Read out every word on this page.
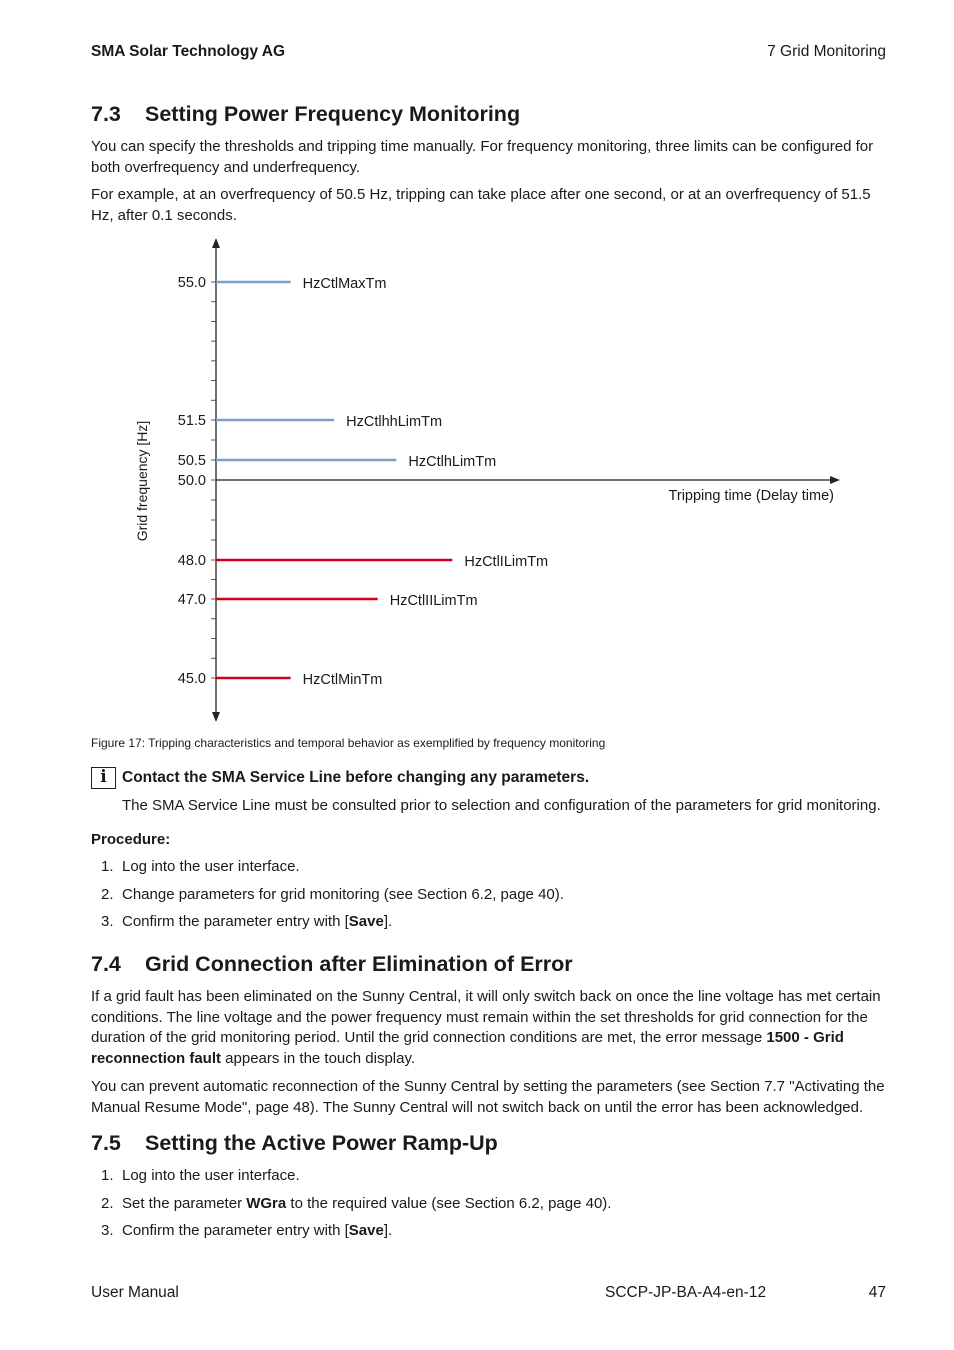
SMA Solar Technology AG	7 Grid Monitoring
7.3 Setting Power Frequency Monitoring

You can specify the thresholds and tripping time manually. For frequency monitoring, three limits can be configured for both overfrequency and underfrequency.

For example, at an overfrequency of 50.5 Hz, tripping can take place after one second, or at an overfrequency of 51.5 Hz, after 0.1 seconds.

55.0
51.5
50.5
50.0
48.0
47.0
45.0
HzCtlMaxTm
HzCtlhhLimTm
HzCtlhLimTm
HzCtlILimTm
HzCtlIILimTm
HzCtlMinTm
Grid frequency [Hz]	Tripping time (Delay time)
Figure 17: Tripping characteristics and temporal behavior as exemplified by frequency monitoring
i Contact the SMA Service Line before changing any parameters.
The SMA Service Line must be consulted prior to selection and configuration of the parameters for grid monitoring.
Procedure:
1. Log into the user interface.
2. Change parameters for grid monitoring (see Section 6.2, page 40).
3. Confirm the parameter entry with [Save].
7.4 Grid Connection after Elimination of Error

If a grid fault has been eliminated on the Sunny Central, it will only switch back on once the line voltage has met certain conditions. The line voltage and the power frequency must remain within the set thresholds for grid connection for the duration of the grid monitoring period. Until the grid connection conditions are met, the error message 1500 - Grid reconnection fault appears in the touch display.

You can prevent automatic reconnection of the Sunny Central by setting the parameters (see Section 7.7 "Activating the Manual Resume Mode", page 48). The Sunny Central will not switch back on until the error has been acknowledged.

7.5 Setting the Active Power Ramp-Up
1. Log into the user interface.
2. Set the parameter WGra to the required value (see Section 6.2, page 40).
3. Confirm the parameter entry with [Save].
User Manual	SCCP-JP-BA-A4-en-12	47
